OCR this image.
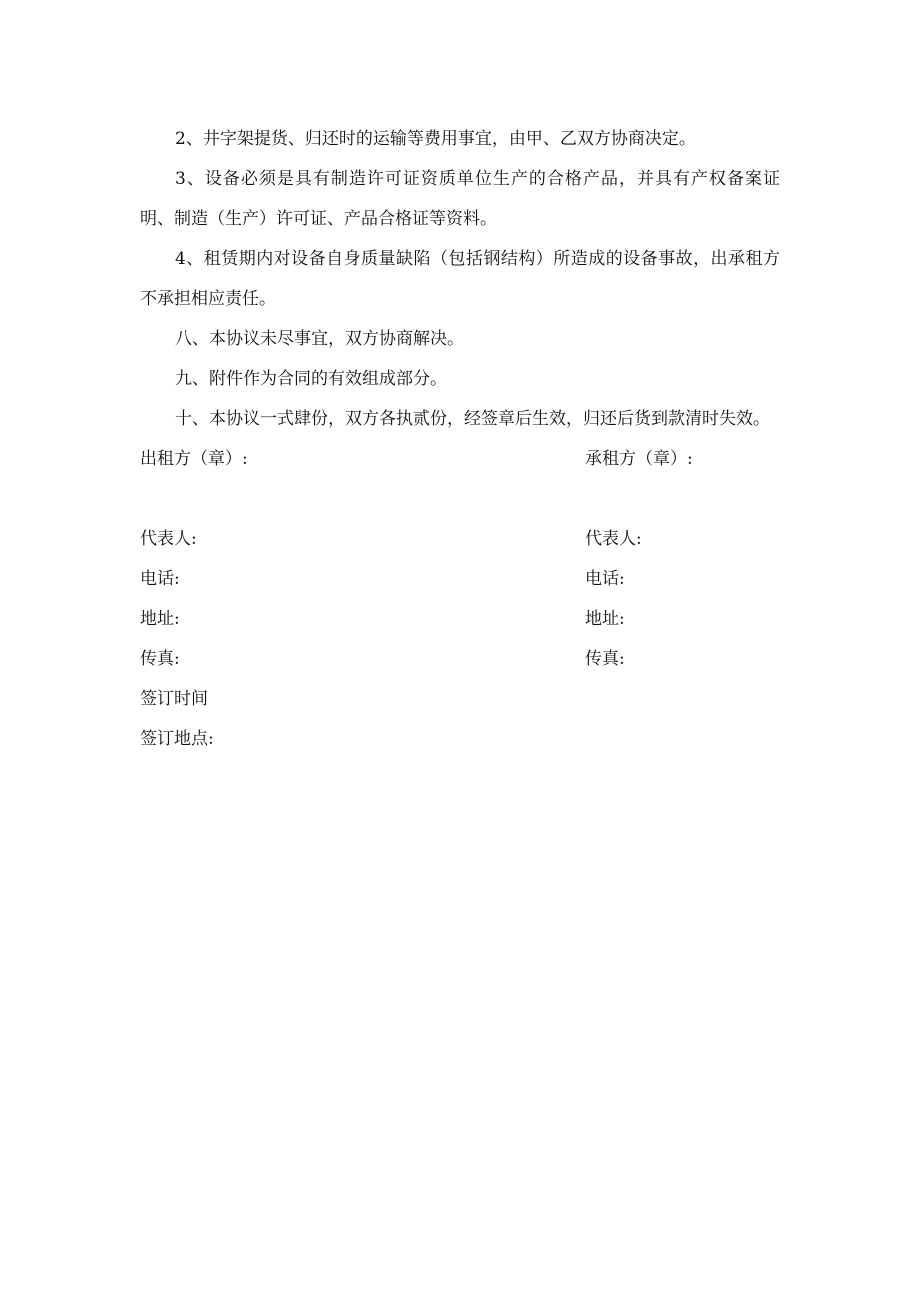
2、井字架提货、归还时的运输等费用事宜，由甲、乙双方协商决定。

3、设备必须是具有制造许可证资质单位生产的合格产品，并具有产权备案证明、制造（生产）许可证、产品合格证等资料。

4、租赁期内对设备自身质量缺陷（包括钢结构）所造成的设备事故，出承租方不承担相应责任。

八、本协议未尽事宜，双方协商解决。

九、附件作为合同的有效组成部分。

十、本协议一式肆份，双方各执贰份，经签章后生效，归还后货到款清时失效。

出租方（章）:	承租方（章）:
代表人:	代表人:
电话:	电话:
地址:	地址:
传真:	传真:
签订时间
签订地点:
